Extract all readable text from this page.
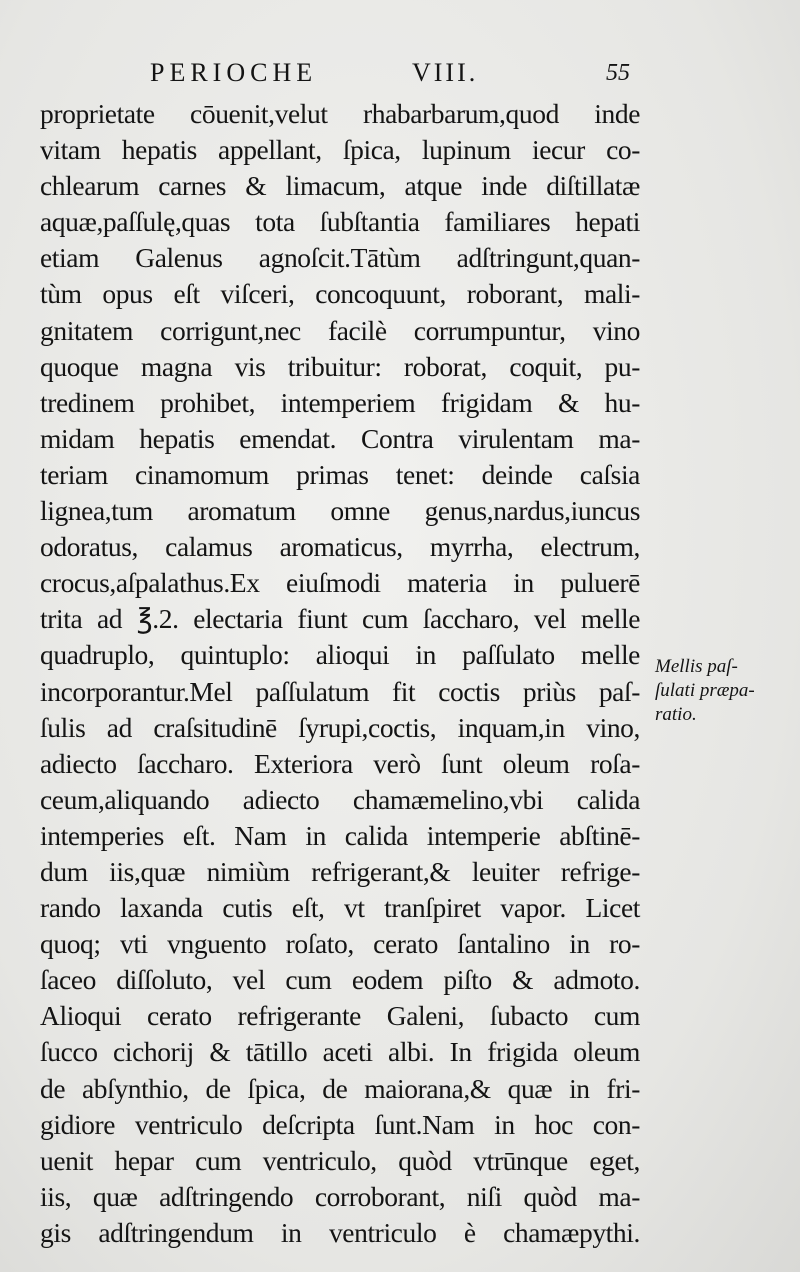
PERIOCHE	VIII.	55
proprietate cōuenit,velut rhabarbarum,quod inde
vitam hepatis appellant, ſpica, lupinum iecur co-
chlearum carnes & limacum, atque inde diſtillatæ
aquæ,paſſulę,quas tota ſubſtantia familiares hepati
etiam Galenus agnoſcit.Tātùm adſtringunt,quan-
tùm opus eſt viſceri, concoquunt, roborant, mali-
gnitatem corrigunt,nec facilè corrumpuntur, vino
quoque magna vis tribuitur: roborat, coquit, pu-
tredinem prohibet, intemperiem frigidam & hu-
midam hepatis emendat. Contra virulentam ma-
teriam cinamomum primas tenet: deinde caſsia
lignea,tum aromatum omne genus,nardus,iuncus
odoratus, calamus aromaticus, myrrha, electrum,
crocus,aſpalathus.Ex eiuſmodi materia in puluerē
trita ad ℥.2. electaria fiunt cum ſaccharo, vel melle
quadruplo, quintuplo: alioqui in paſſulato melle
incorporantur.Mel paſſulatum fit coctis priùs paſ-
ſulis ad craſsitudinē ſyrupi,coctis, inquam,in vino,
adiecto ſaccharo. Exteriora verò ſunt oleum roſa-
ceum,aliquando adiecto chamæmelino,vbi calida
intemperies eſt. Nam in calida intemperie abſtinē-
dum iis,quæ nimiùm refrigerant,& leuiter refrige-
rando laxanda cutis eſt, vt tranſpiret vapor. Licet
quoq; vti vnguento roſato, cerato ſantalino in ro-
ſaceo diſſoluto, vel cum eodem piſto & admoto.
Alioqui cerato refrigerante Galeni, ſubacto cum
ſucco cichorij & tātillo aceti albi. In frigida oleum
de abſynthio, de ſpica, de maiorana,& quæ in fri-
gidiore ventriculo deſcripta ſunt.Nam in hoc con-
uenit hepar cum ventriculo, quòd vtrūnque eget,
iis, quæ adſtringendo corroborant, niſi quòd ma-
gis adſtringendum in ventriculo è chamæpythi.
Mellis paſ-
ſulati præpa-
ratio.
